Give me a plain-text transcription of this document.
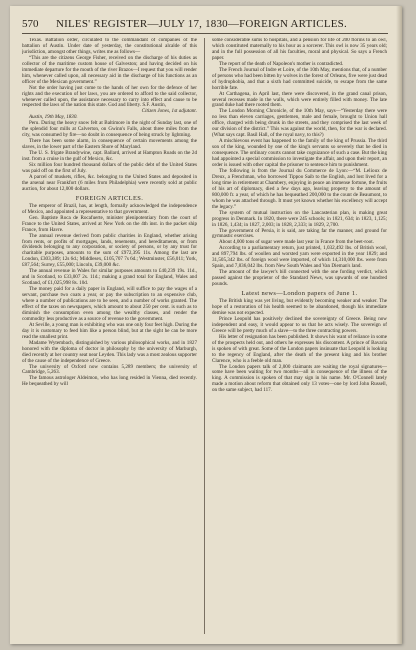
570 NILES' REGISTER—JULY 17, 1830—FOREIGN ARTICLES.

Texas. Battalion order, circulated to the commandant of companies of the battalion of Austin. Under date of yesterday, the constitutional alcalde of this jurisdiction, amongst other things, writes me as follows—

“This are the citizens George Fisher, received on the discharge of his duties as collector of the maritime custom house of Galveston; and having decided on his immediate departure for the mouth of the river Brazos—I request that you will render him, whenever called upon, all necessary aid in the discharge of his functions as an officer of the Mexican government.”

Not the order having just come to the hands of her own for the defence of her rights and the execution of her laws, you are ordered to afford to the said collector, whenever called upon, the assistance necessary to carry into effect and cause to be respected the laws of the nation this state. God and liberty. S.F. Austin,

Citizen Jones, 1st adjutant.

Austin, 19th May, 1830.

Peru. During the heavy snow felt at Baltimore in the night of Sunday last, one of the splendid four mills at Calverton, on Gwinn's Falls, about three miles from the city, was consumed by fire—no doubt in consequence of being struck by lightning.

There has been some alarm, in consequence of certain movements among the slaves, in the lower part of the Eastern Shore of Maryland.

The U. S. frigate Brandywine, capt. Ballard, arrived at Hampton Roads on the 2d inst. from a cruise in the gulf of Mexico, &c.

Six million four hundred thousand dollars of the public debt of the United States was paid off on the first of July.

A parcel of muskets, rifles, &c. belonging to the United States and deposited in the arsenal near Frankfort (6 miles from Philadelphia) were recently sold at public auction, for about 12,000 dollars.

FOREIGN ARTICLES.

The emperor of Brazil, has, at length, formally acknowledged the independence of Mexico, and appointed a representative to that government.

Gen. Baptiste Roca de Rocafuerte, minister plenipotentiary from the court of France to the United States, arrived at New York on the 4th inst. in the packet ship France, from Havre.

The annual revenue derived from public charities in England, whether arising from rents, or profits of mortgages, lands, tenements, and hereditaments, or from dividends belonging to any corporation, or society of persons, or by any trust for charitable purposes, amounts to the sum of £972,395 11s. Among the last are London, £303,389; 12s 6d.; Middlesex, £105,707 7s 6d.; Westminster, £56,011; York, £87,564; Surrey, £55,000; Lincoln, £39,000 &c.

The annual revenue in Wales for similar purposes amounts to £40,239 19s. 11d., and in Scotland, to £33,007 2s. 11d.; making a grand total for England, Wales and Scotland, of £1,025,998 8s. 10d.

The money paid for a daily paper in England, will suffice to pay the wages of a servant, purchase two coats a year, or pay the subscription to an expensive club, where a number of publications are to be seen, and a number of works granted. The effect of the taxes on newspapers, which amount to about 250 per cent. is such as to diminish the consumption even among the wealthy classes, and render the commodity less productive as a source of revenue to the government.

At Seville, a young man is exhibiting who was one only four feet high. During the day it is customary to feed him like a person blind, but at the sight he can be more read the smallest print.

Madame Wytembach, distinguished by various philosophical works, and in 1827 honored with the diploma of doctor in philosophy by the university of Marburgh, died recently at her country seat near Leyden. This lady was a most zealous supporter of the cause of the independence of Greece.

The university of Oxford now contains 5,289 members; the university of Cambridge, 5,263.

The famous astrologer Aldeimon, who has long resided in Vienna, died recently. He bequeathed by will

some considerable sums to hospitals, and a pension for life of 200 florins to an owl, which constituted maternally to his hour as a sorcerer. This owl is now 35 years old; and in the full possession of all his faculties, moral and physical. So says a French paper.

The report of the death of Napoleon's mother is contradicted.

The French Journal of Indre et Loire, of the 10th May, mentions that, of a number of persons who had been bitten by wolves in the forest of Orleans, five were just dead of hydrophobia, and that a sixth had committed suicide, to escape from the same horrible fate.

At Carthagena, in April last, there were discovered, in the grand canal prison, several recesses made in the walls, which were entirely filled with money. The late grand duke had there rooted them.

The London Morning Chronicle, of the 10th May, says—“Yesterday there were no less than eleven carriages, gentlemen, male and female, brought to Union hall office, charged with being drunk in the streets, and they comprised the last week of our division of the district.” This was against the world, then, for the war is declared. (What says capt. Basil Hall, of the royal navy, to this?)

A mischievous event has happened to the family of the king of Prussia. The third son of the king, wounded by one of the king's servants so severely that he died in consequence. The ordinary courts cannot take cognizance of such a case. But the king had appointed a special commission to investigate the affair, and upon their report, an order is issued with other capital the prisoner to sentence him to punishment.

The following is from the Journal du Commerce de Lyon:—“M. Lelioux de Dreux, a Frenchman, who borrowed Tippoo Saib to the English, and lost lived for a long time in retirement at Chambery, enjoying in peace an immense fortune, the fruits of his art of diplomacy, died a few days ago, leaving property to the amount of 800,000 fr. a year, of which he has bequeathed 200,000 to the count de Beaumont, to whom he was attached through. It must yet known whether his excellency will accept the legacy.”

The system of mutual instruction on the Lancasterian plan, is making great progress in Denmark. In 1820, there were 245 schools; in 1821, 634; in 1823, 1,125; in 1826, 1,434; in 1827, 2,003; in 1828, 2,333; in 1829, 2,700.

The government of Persia, it is said, are taking far the manner, and ground for gymnastic exercises.

About 4,000 tons of sugar were made last year in France from the beet-root.

According to a parliamentary return, just printed, 1,032,492 lbs. of British wool, and 897,794 lbs. of woollen and worsted yarn were exported in the year 1829; and 31,505,342 lbs. of foreign wool were imported, of which 14,310,000 lbs. were from Spain, and 7,836,042 lbs. from New South Wales and Van Dieman's land.

The amount of the lawyer's bill connected with the one fording verdict, which passed against the proprietor of the Standard News, was upwards of one hundred pounds.

Latest news—London papers of June 1.

The British king was yet living, but evidently becoming weaker and weaker. The hope of a restoration of his health seemed to be abandoned, though his immediate demise was not expected.

Prince Leopold has positively declined the sovereignty of Greece. Being now independent and easy, it would appear to us that he acts wisely. The sovereign of Greece will be pretty much of a slave—to the three contracting powers.

His letter of resignation has been published. It shows his want of reliance in some of the prospects held out, and others he expresses his discontent. A prince of Bavaria is spoken of with great. Some of the London papers insinuate that Leopold is looking to the regency of England, after the death of the present king and his brother Clarence, who is a feeble old man.

The London papers talk of 2,000 claimants are waiting the royal signatures—some have been waiting for two months—all in consequence of the illness of the king. A commission is spoken of that may sign in his name. Mr. O'Connell lately made a motion about reform that obtained only 13 votes—one by lord John Russell, on the same subject, had 117.
